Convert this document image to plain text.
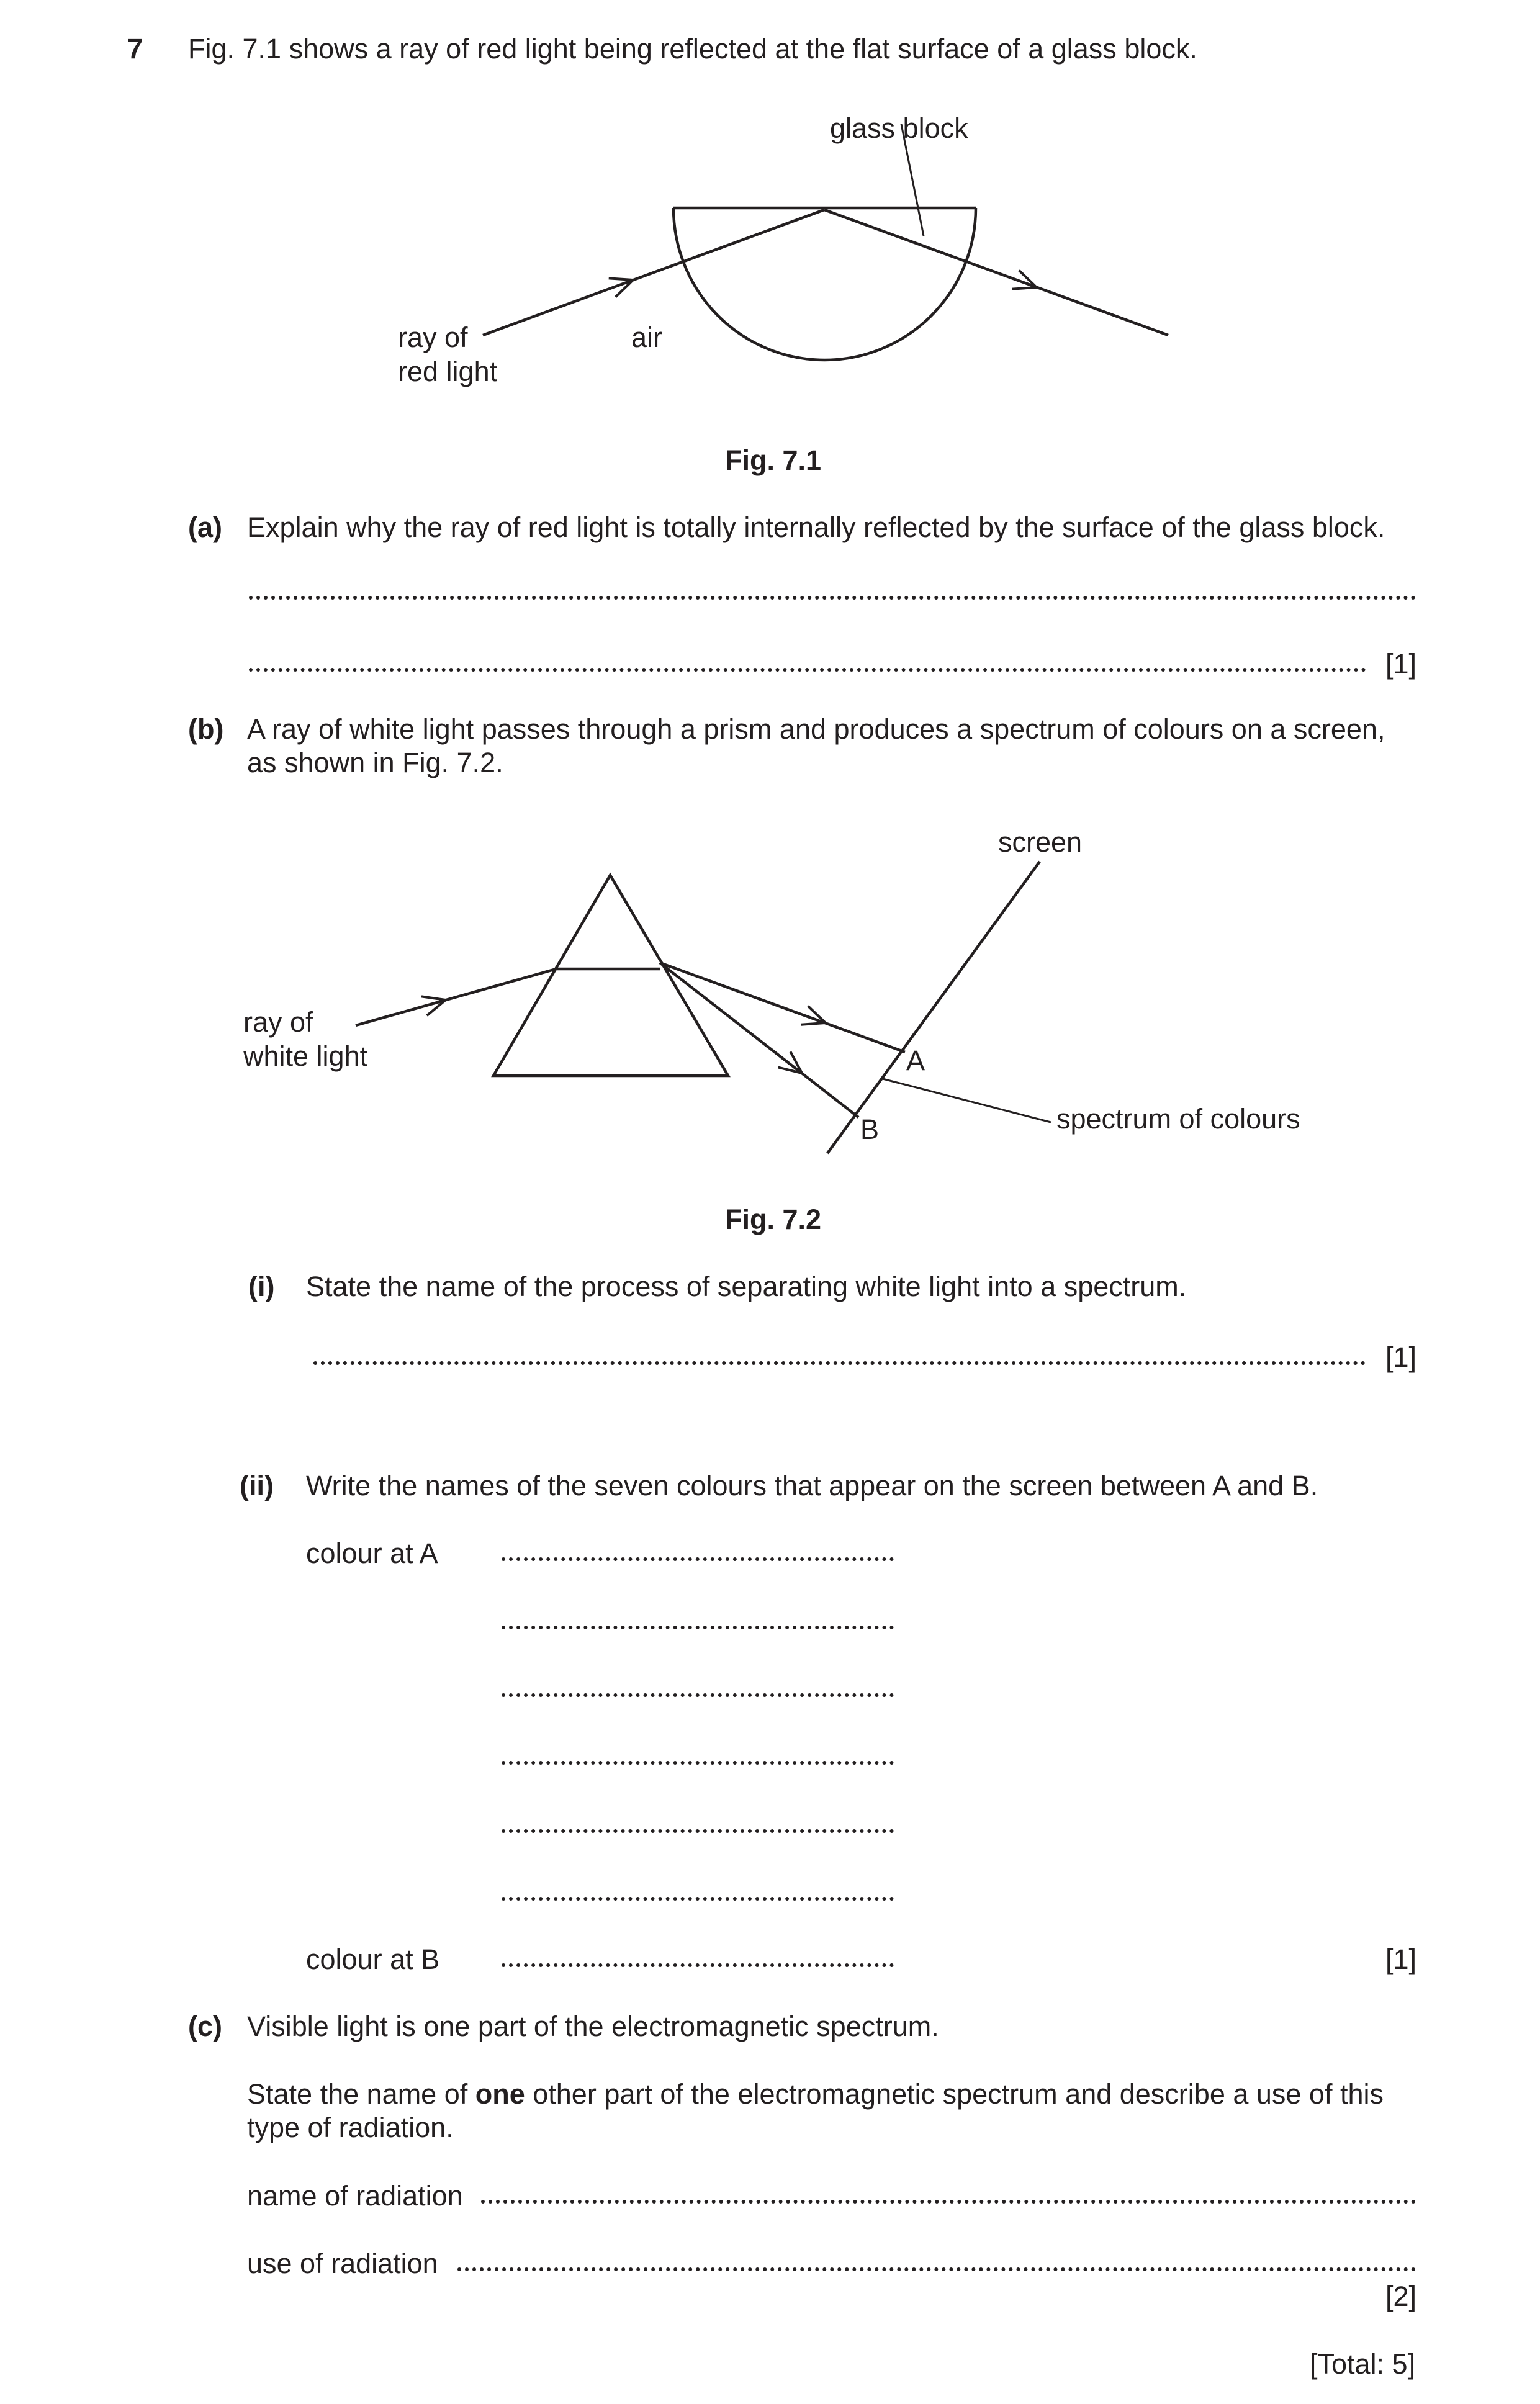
7 Fig. 7.1 shows a ray of red light being reflected at the flat surface of a glass block.
glass block
air
ray of
red light
Fig. 7.1
(a) Explain why the ray of red light is totally internally reflected by the surface of the glass block.
[1]
(b) A ray of white light passes through a prism and produces a spectrum of colours on a screen,
as shown in Fig. 7.2.
screen
ray of
white light	A
B	spectrum of colours
Fig. 7.2
(i) State the name of the process of separating white light into a spectrum.
[1]
(ii) Write the names of the seven colours that appear on the screen between A and B.
colour at A
colour at B	[1]
(c) Visible light is one part of the electromagnetic spectrum.
State the name of one other part of the electromagnetic spectrum and describe a use of this
type of radiation.
name of radiation
use of radiation
[2]
[Total: 5]
